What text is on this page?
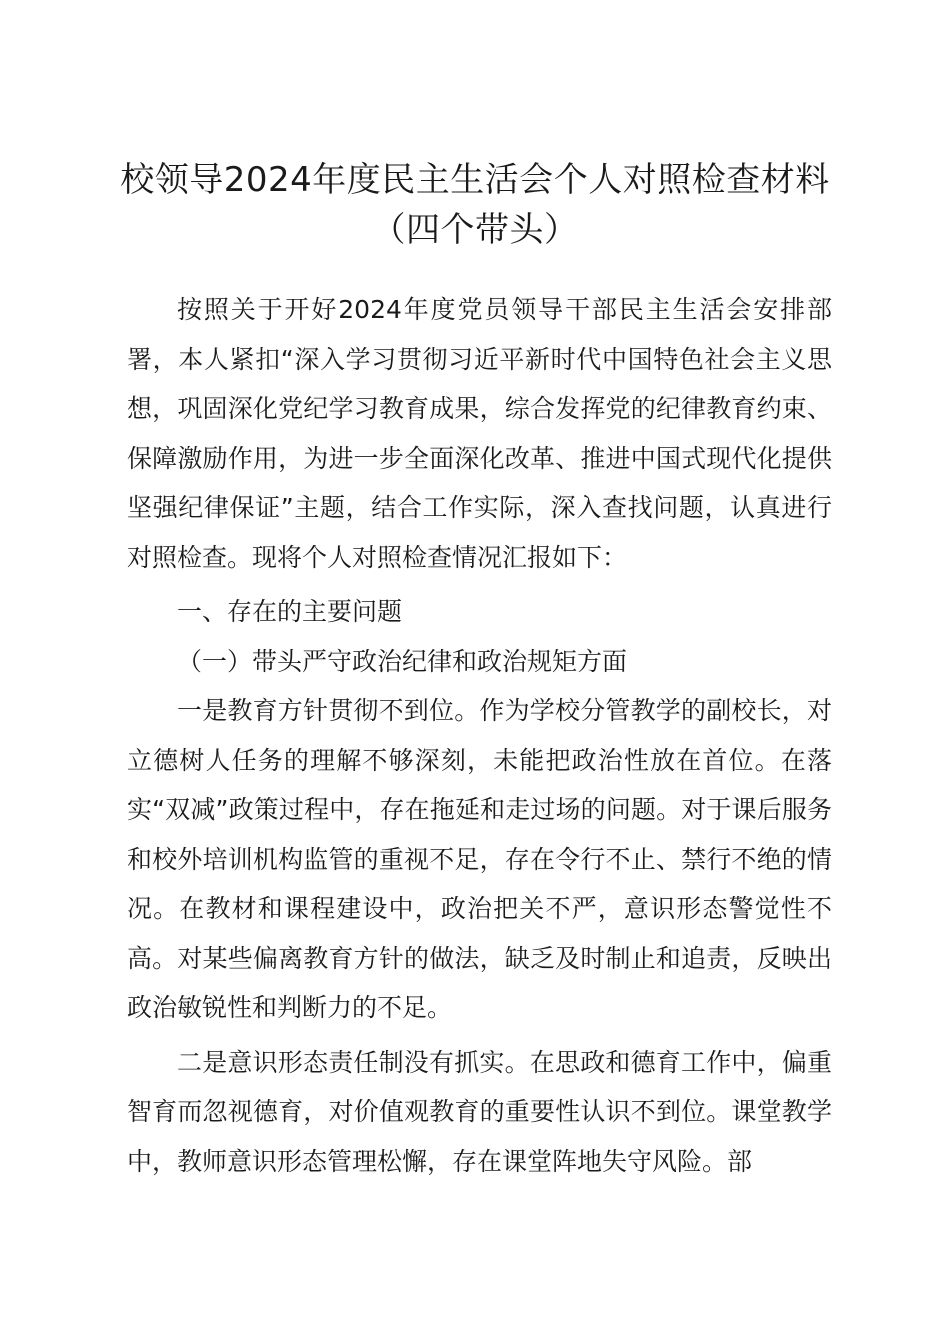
校领导2024年度民主生活会个人对照检查材料（四个带头）

按照关于开好2024年度党员领导干部民主生活会安排部署，本人紧扣“深入学习贯彻习近平新时代中国特色社会主义思想，巩固深化党纪学习教育成果，综合发挥党的纪律教育约束、保障激励作用，为进一步全面深化改革、推进中国式现代化提供坚强纪律保证”主题，结合工作实际，深入查找问题，认真进行对照检查。现将个人对照检查情况汇报如下：

一、存在的主要问题

（一）带头严守政治纪律和政治规矩方面

一是教育方针贯彻不到位。作为学校分管教学的副校长，对立德树人任务的理解不够深刻，未能把政治性放在首位。在落实“双减”政策过程中，存在拖延和走过场的问题。对于课后服务和校外培训机构监管的重视不足，存在令行不止、禁行不绝的情况。在教材和课程建设中，政治把关不严，意识形态警觉性不高。对某些偏离教育方针的做法，缺乏及时制止和追责，反映出政治敏锐性和判断力的不足。

二是意识形态责任制没有抓实。在思政和德育工作中，偏重智育而忽视德育，对价值观教育的重要性认识不到位。课堂教学中，教师意识形态管理松懈，存在课堂阵地失守风险。部
